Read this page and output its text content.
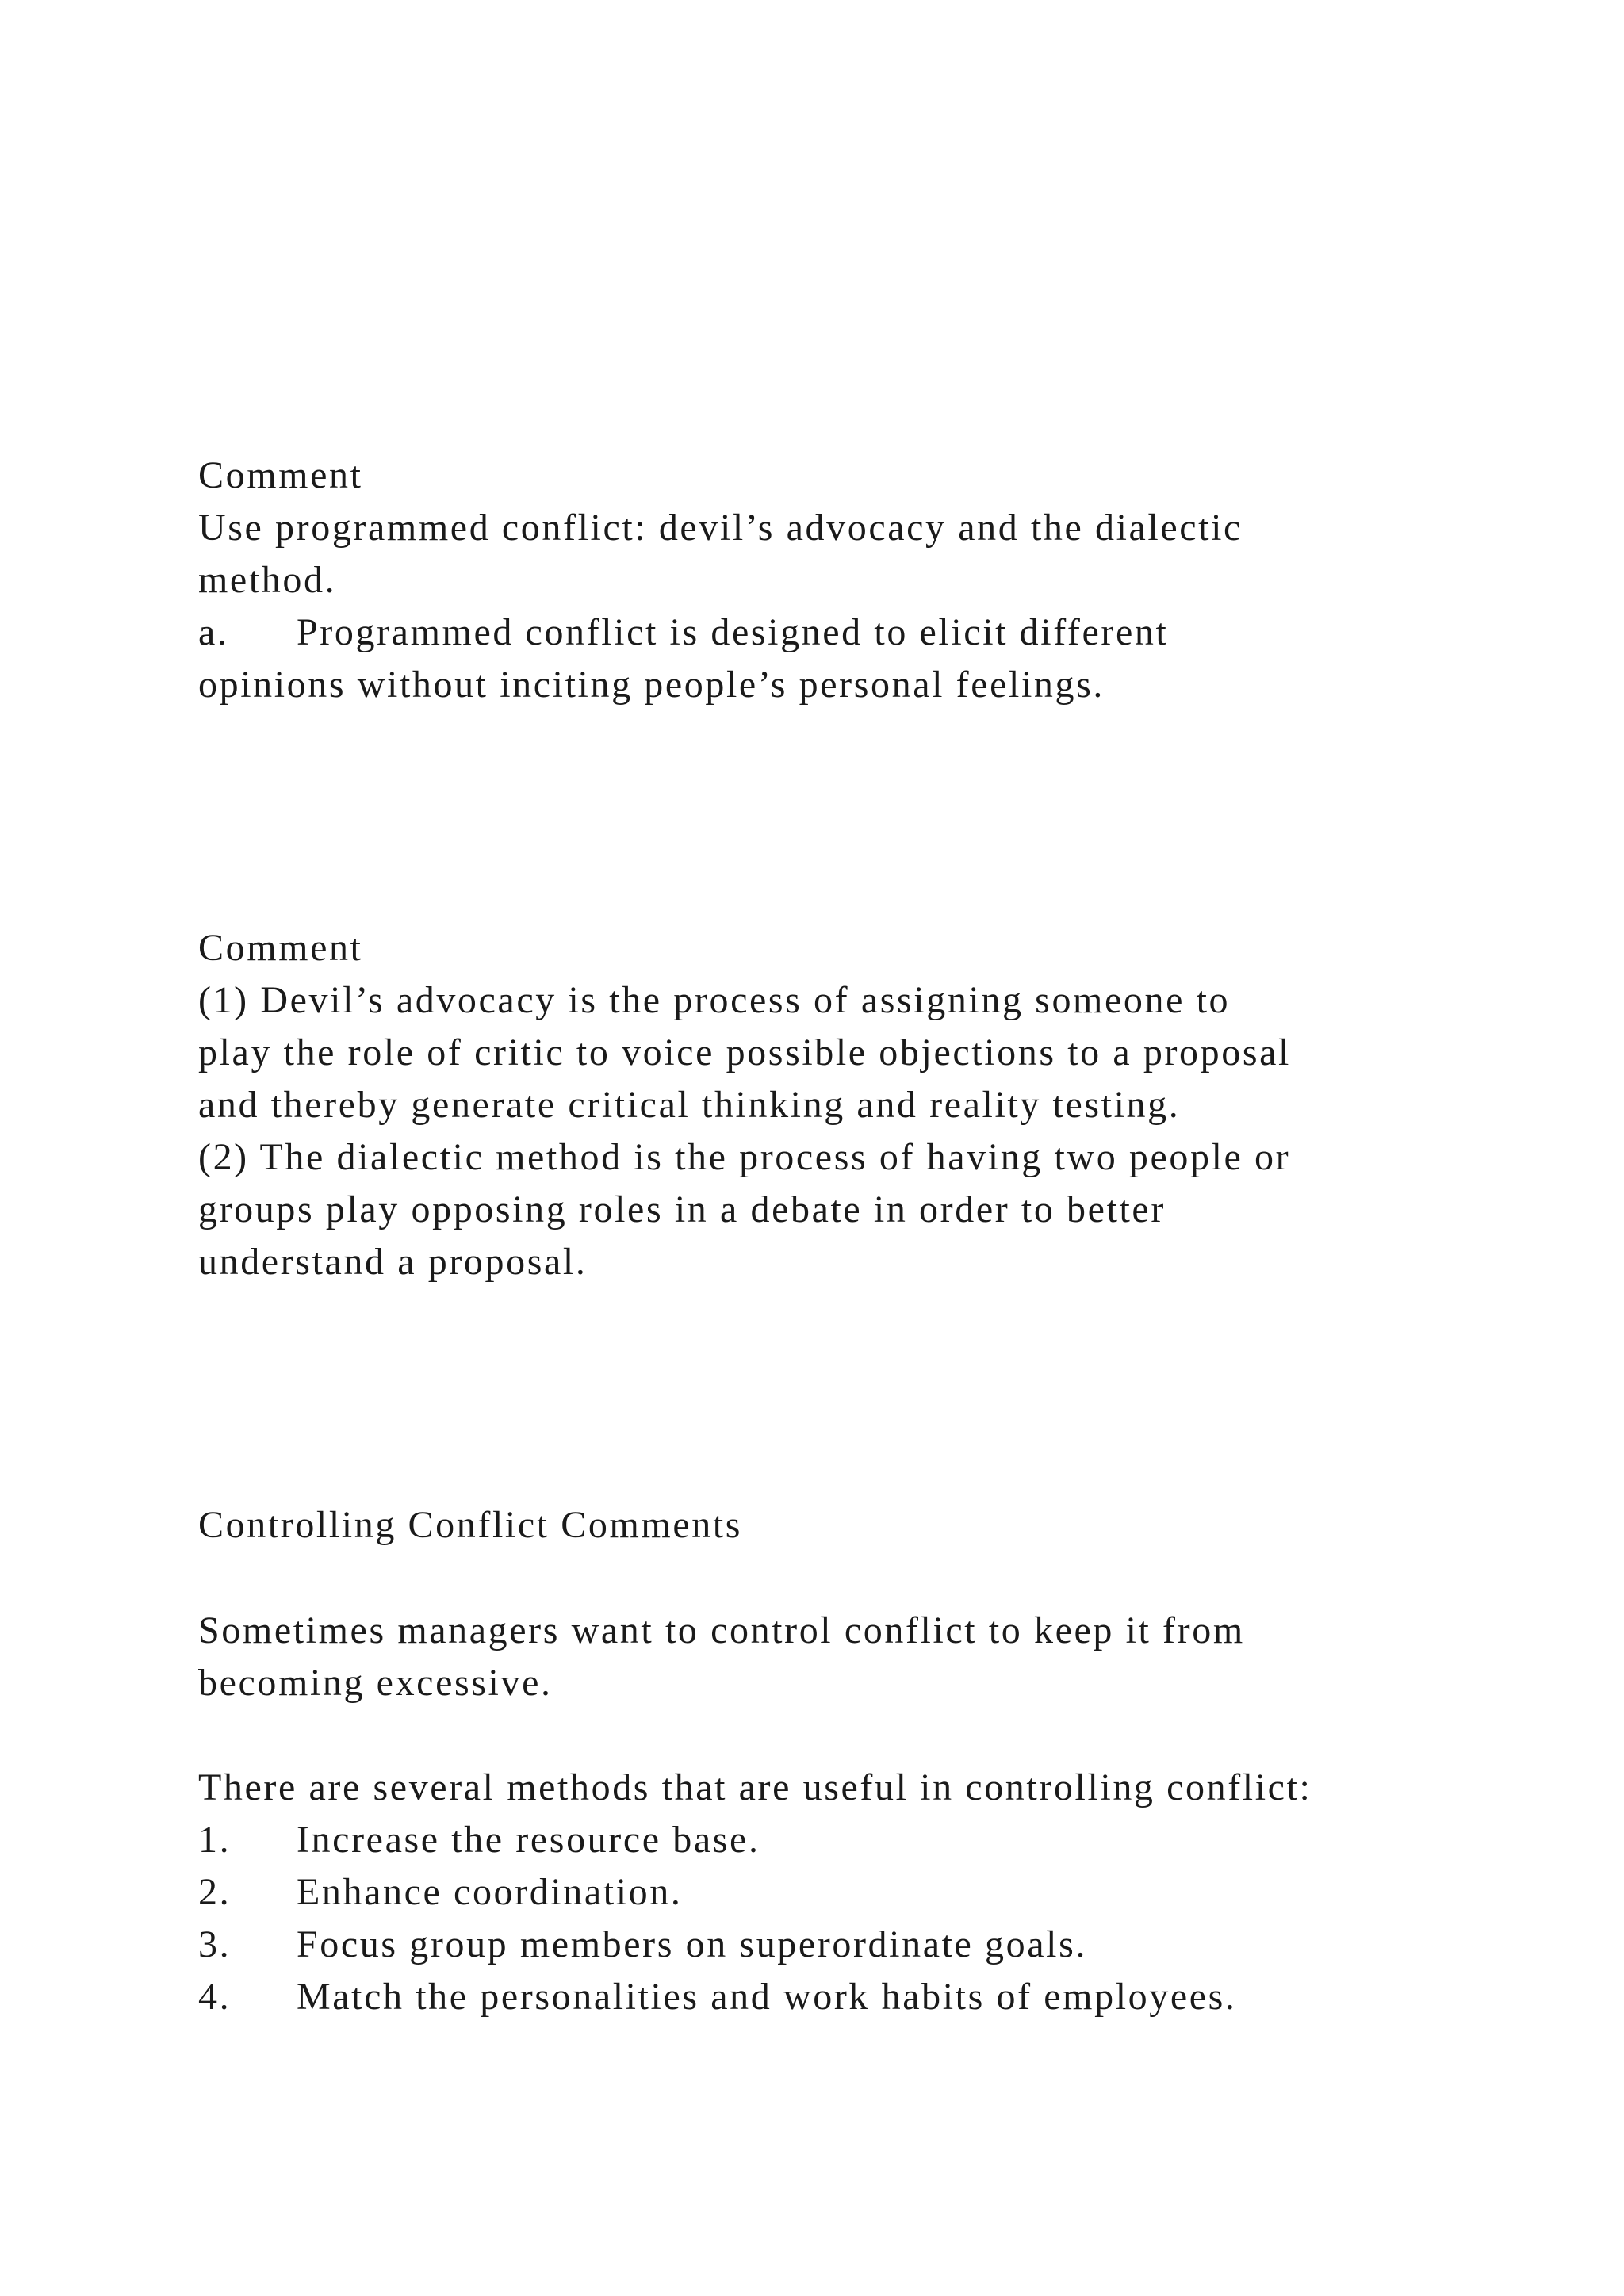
Comment
Use programmed conflict: devil’s advocacy and the dialectic
method.
a.	Programmed conflict is designed to elicit different
opinions without inciting people’s personal feelings.
Comment
(1) Devil’s advocacy is the process of assigning someone to
play the role of critic to voice possible objections to a proposal
and thereby generate critical thinking and reality testing.
(2) The dialectic method is the process of having two people or
groups play opposing roles in a debate in order to better
understand a proposal.
Controlling Conflict Comments
Sometimes managers want to control conflict to keep it from
becoming excessive.
There are several methods that are useful in controlling conflict:
1.	Increase the resource base.
2.	Enhance coordination.
3.	Focus group members on superordinate goals.
4.	Match the personalities and work habits of employees.
